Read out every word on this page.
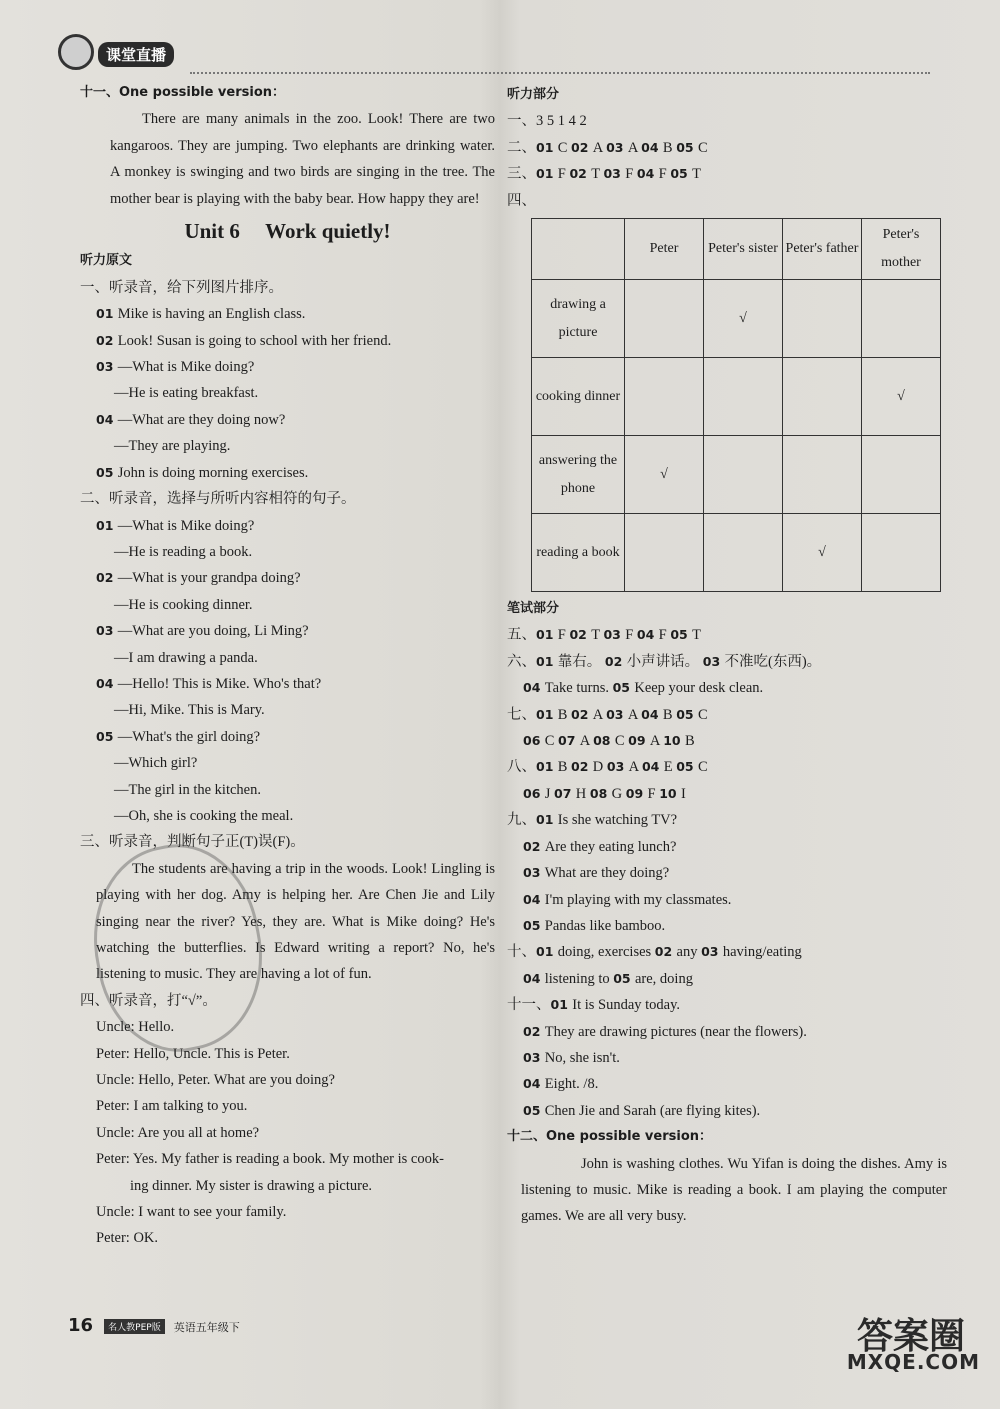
课堂直播
十一、One possible version：
There are many animals in the zoo. Look! There are two kangaroos. They are jumping. Two elephants are drinking water. A monkey is swinging and two birds are singing in the tree. The mother bear is playing with the baby bear. How happy they are!
Unit 6 Work quietly!
听力原文
一、听录音，给下列图片排序。
01 Mike is having an English class.
02 Look! Susan is going to school with her friend.
03 —What is Mike doing?
—He is eating breakfast.
04 —What are they doing now?
—They are playing.
05 John is doing morning exercises.
二、听录音，选择与所听内容相符的句子。
01 —What is Mike doing?
—He is reading a book.
02 —What is your grandpa doing?
—He is cooking dinner.
03 —What are you doing, Li Ming?
—I am drawing a panda.
04 —Hello! This is Mike. Who's that?
—Hi, Mike. This is Mary.
05 —What's the girl doing?
—Which girl?
—The girl in the kitchen.
—Oh, she is cooking the meal.
三、听录音，判断句子正(T)误(F)。
The students are having a trip in the woods. Look! Lingling is playing with her dog. Amy is helping her. Are Chen Jie and Lily singing near the river? Yes, they are. What is Mike doing? He's watching the butterflies. Is Edward writing a report? No, he's listening to music. They are having a lot of fun.
四、听录音，打“√”。
Uncle: Hello.
Peter: Hello, Uncle. This is Peter.
Uncle: Hello, Peter. What are you doing?
Peter: I am talking to you.
Uncle: Are you all at home?
Peter: Yes. My father is reading a book. My mother is cook-
ing dinner. My sister is drawing a picture.
Uncle: I want to see your family.
Peter: OK.
听力部分
一、3 5 1 4 2
二、01 C 02 A 03 A 04 B 05 C
三、01 F 02 T 03 F 04 F 05 T
四、
	Peter	Peter's sister	Peter's father	Peter's mother
drawing a picture		√		
cooking dinner				√
answering the phone	√			
reading a book			√	
笔试部分
五、01 F 02 T 03 F 04 F 05 T
六、01 靠右。 02 小声讲话。 03 不准吃(东西)。
04 Take turns. 05 Keep your desk clean.
七、01 B 02 A 03 A 04 B 05 C
06 C 07 A 08 C 09 A 10 B
八、01 B 02 D 03 A 04 E 05 C
06 J 07 H 08 G 09 F 10 I
九、01 Is she watching TV?
02 Are they eating lunch?
03 What are they doing?
04 I'm playing with my classmates.
05 Pandas like bamboo.
十、01 doing, exercises 02 any 03 having/eating
04 listening to 05 are, doing
十一、01 It is Sunday today.
02 They are drawing pictures (near the flowers).
03 No, she isn't.
04 Eight. /8.
05 Chen Jie and Sarah (are flying kites).
十二、One possible version：
John is washing clothes. Wu Yifan is doing the dishes. Amy is listening to music. Mike is reading a book. I am playing the computer games. We are all very busy.
16 名人教PEP版 英语五年级下	答案圈
MXQE.COM
